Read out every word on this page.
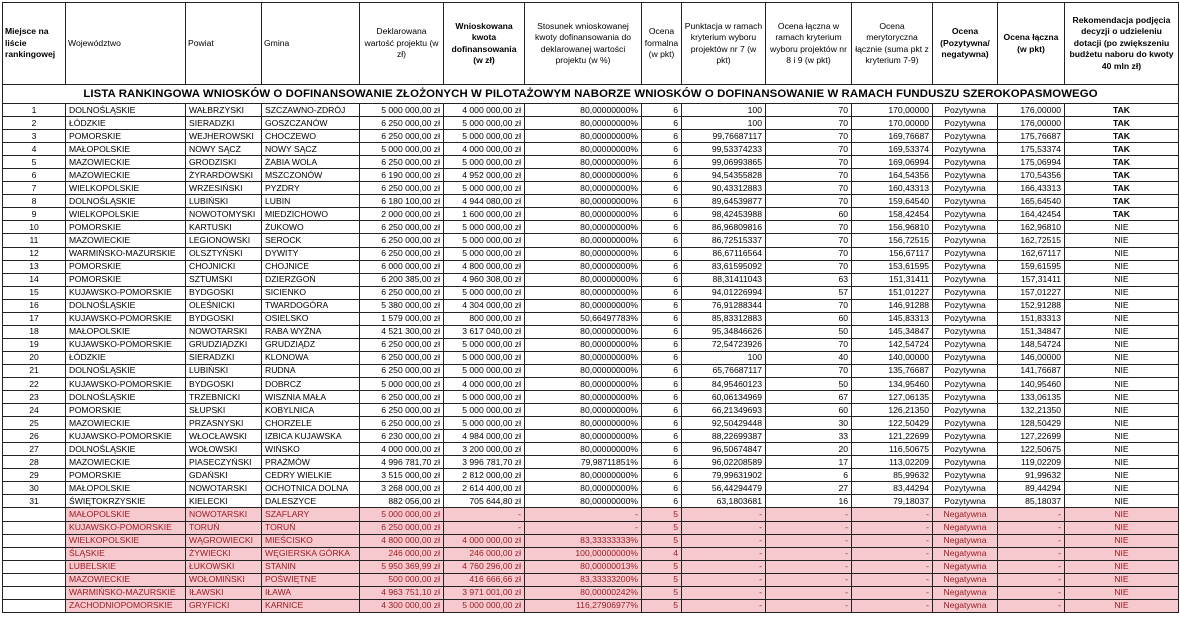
LISTA RANKINGOWA WNIOSKÓW O DOFINANSOWANIE ZŁOŻONYCH W PILOTAŻOWYM NABORZE WNIOSKÓW O DOFINANSOWANIE W RAMACH FUNDUSZU SZEROKOPASMOWEGO													
Miejsce na liście rankingowej	Województwo	Powiat	Gmina	Deklarowana wartość projektu (w zł)	Wnioskowana kwota dofinansowania (w zł)	Stosunek wnioskowanej kwoty dofinansowania do deklarowanej wartości projektu (w %)	Ocena formalna (w pkt)	Punktacja w ramach kryterium wyboru projektów nr 7 (w pkt)	Ocena łączna w ramach kryterium wyboru projektów nr 8 i 9 (w pkt)	Ocena merytoryczna łącznie (suma pkt z kryterium 7-9)	Ocena (Pozytywna/ negatywna)	Ocena łączna (w pkt)	Rekomendacja podjęcia decyzji o udzieleniu dotacji (po zwiększeniu budżetu naboru do kwoty 40 mln zł)
1	DOLNOŚLĄSKIE	WAŁBRZYSKI	SZCZAWNO-ZDRÓJ	5 000 000,00 zł	4 000 000,00 zł	80,00000000%	6	100	70	170,00000	Pozytywna	176,00000	TAK
2	ŁÓDZKIE	SIERADZKI	GOSZCZANÓW	6 250 000,00 zł	5 000 000,00 zł	80,00000000%	6	100	70	170,00000	Pozytywna	176,00000	TAK
3	POMORSKIE	WEJHEROWSKI	CHOCZEWO	6 250 000,00 zł	5 000 000,00 zł	80,00000000%	6	99,76687117	70	169,76687	Pozytywna	175,76687	TAK
4	MAŁOPOLSKIE	NOWY SĄCZ	NOWY SĄCZ	5 000 000,00 zł	4 000 000,00 zł	80,00000000%	6	99,53374233	70	169,53374	Pozytywna	175,53374	TAK
5	MAZOWIECKIE	GRODZISKI	ŻABIA WOLA	6 250 000,00 zł	5 000 000,00 zł	80,00000000%	6	99,06993865	70	169,06994	Pozytywna	175,06994	TAK
6	MAZOWIECKIE	ŻYRARDOWSKI	MSZCZONÓW	6 190 000,00 zł	4 952 000,00 zł	80,00000000%	6	94,54355828	70	164,54356	Pozytywna	170,54356	TAK
7	WIELKOPOLSKIE	WRZESIŃSKI	PYZDRY	6 250 000,00 zł	5 000 000,00 zł	80,00000000%	6	90,43312883	70	160,43313	Pozytywna	166,43313	TAK
8	DOLNOŚLĄSKIE	LUBIŃSKI	LUBIN	6 180 100,00 zł	4 944 080,00 zł	80,00000000%	6	89,64539877	70	159,64540	Pozytywna	165,64540	TAK
9	WIELKOPOLSKIE	NOWOTOMYSKI	MIEDZICHOWO	2 000 000,00 zł	1 600 000,00 zł	80,00000000%	6	98,42453988	60	158,42454	Pozytywna	164,42454	TAK
10	POMORSKIE	KARTUSKI	ŻUKOWO	6 250 000,00 zł	5 000 000,00 zł	80,00000000%	6	86,96809816	70	156,96810	Pozytywna	162,96810	NIE
11	MAZOWIECKIE	LEGIONOWSKI	SEROCK	6 250 000,00 zł	5 000 000,00 zł	80,00000000%	6	86,72515337	70	156,72515	Pozytywna	162,72515	NIE
12	WARMIŃSKO-MAZURSKIE	OLSZTYŃSKI	DYWITY	6 250 000,00 zł	5 000 000,00 zł	80,00000000%	6	86,67116564	70	156,67117	Pozytywna	162,67117	NIE
13	POMORSKIE	CHOJNICKI	CHOJNICE	6 000 000,00 zł	4 800 000,00 zł	80,00000000%	6	83,61595092	70	153,61595	Pozytywna	159,61595	NIE
14	POMORSKIE	SZTUMSKI	DZIERZGOŃ	6 200 385,00 zł	4 960 308,00 zł	80,00000000%	6	88,31411043	63	151,31411	Pozytywna	157,31411	NIE
15	KUJAWSKO-POMORSKIE	BYDGOSKI	SICIENKO	6 250 000,00 zł	5 000 000,00 zł	80,00000000%	6	94,01226994	57	151,01227	Pozytywna	157,01227	NIE
16	DOLNOŚLĄSKIE	OLEŚNICKI	TWARDOGÓRA	5 380 000,00 zł	4 304 000,00 zł	80,00000000%	6	76,91288344	70	146,91288	Pozytywna	152,91288	NIE
17	KUJAWSKO-POMORSKIE	BYDGOSKI	OSIELSKO	1 579 000,00 zł	800 000,00 zł	50,66497783%	6	85,83312883	60	145,83313	Pozytywna	151,83313	NIE
18	MAŁOPOLSKIE	NOWOTARSKI	RABA WYŻNA	4 521 300,00 zł	3 617 040,00 zł	80,00000000%	6	95,34846626	50	145,34847	Pozytywna	151,34847	NIE
19	KUJAWSKO-POMORSKIE	GRUDZIĄDZKI	GRUDZIĄDZ	6 250 000,00 zł	5 000 000,00 zł	80,00000000%	6	72,54723926	70	142,54724	Pozytywna	148,54724	NIE
20	ŁÓDZKIE	SIERADZKI	KLONOWA	6 250 000,00 zł	5 000 000,00 zł	80,00000000%	6	100	40	140,00000	Pozytywna	146,00000	NIE
21	DOLNOŚLĄSKIE	LUBIŃSKI	RUDNA	6 250 000,00 zł	5 000 000,00 zł	80,00000000%	6	65,76687117	70	135,76687	Pozytywna	141,76687	NIE
22	KUJAWSKO-POMORSKIE	BYDGOSKI	DOBRCZ	5 000 000,00 zł	4 000 000,00 zł	80,00000000%	6	84,95460123	50	134,95460	Pozytywna	140,95460	NIE
23	DOLNOŚLĄSKIE	TRZEBNICKI	WISZNIA MAŁA	6 250 000,00 zł	5 000 000,00 zł	80,00000000%	6	60,06134969	67	127,06135	Pozytywna	133,06135	NIE
24	POMORSKIE	SŁUPSKI	KOBYLNICA	6 250 000,00 zł	5 000 000,00 zł	80,00000000%	6	66,21349693	60	126,21350	Pozytywna	132,21350	NIE
25	MAZOWIECKIE	PRZASNYSKI	CHORZELE	6 250 000,00 zł	5 000 000,00 zł	80,00000000%	6	92,50429448	30	122,50429	Pozytywna	128,50429	NIE
26	KUJAWSKO-POMORSKIE	WŁOCŁAWSKI	IZBICA KUJAWSKA	6 230 000,00 zł	4 984 000,00 zł	80,00000000%	6	88,22699387	33	121,22699	Pozytywna	127,22699	NIE
27	DOLNOŚLĄSKIE	WOŁOWSKI	WIŃSKO	4 000 000,00 zł	3 200 000,00 zł	80,00000000%	6	96,50674847	20	116,50675	Pozytywna	122,50675	NIE
28	MAZOWIECKIE	PIASECZYŃSKI	PRAŻMÓW	4 996 781,70 zł	3 996 781,70 zł	79,98711851%	6	96,02208589	17	113,02209	Pozytywna	119,02209	NIE
29	POMORSKIE	GDAŃSKI	CEDRY WIELKIE	3 515 000,00 zł	2 812 000,00 zł	80,00000000%	6	79,99631902	6	85,99632	Pozytywna	91,99632	NIE
30	MAŁOPOLSKIE	NOWOTARSKI	OCHOTNICA DOLNA	3 268 000,00 zł	2 614 400,00 zł	80,00000000%	6	56,44294479	27	83,44294	Pozytywna	89,44294	NIE
31	ŚWIĘTOKRZYSKIE	KIELECKI	DALESZYCE	882 056,00 zł	705 644,80 zł	80,00000000%	6	63,1803681	16	79,18037	Pozytywna	85,18037	NIE
	MAŁOPOLSKIE	NOWOTARSKI	SZAFLARY	5 000 000,00 zł	-	-	5	-	-	-	Negatywna	-	NIE
	KUJAWSKO-POMORSKIE	TORUŃ	TORUŃ	6 250 000,00 zł	-	-	5	-	-	-	Negatywna	-	NIE
	WIELKOPOLSKIE	WĄGROWIECKI	MIEŚCISKO	4 800 000,00 zł	4 000 000,00 zł	83,33333333%	5	-	-	-	Negatywna	-	NIE
	ŚLĄSKIE	ŻYWIECKI	WĘGIERSKA GÓRKA	246 000,00 zł	246 000,00 zł	100,00000000%	4	-	-	-	Negatywna	-	NIE
	LUBELSKIE	ŁUKOWSKI	STANIN	5 950 369,99 zł	4 760 296,00 zł	80,00000013%	5	-	-	-	Negatywna	-	NIE
	MAZOWIECKIE	WOŁOMIŃSKI	POŚWIĘTNE	500 000,00 zł	416 666,66 zł	83,33333200%	5	-	-	-	Negatywna	-	NIE
	WARMIŃSKO-MAZURSKIE	IŁAWSKI	IŁAWA	4 963 751,10 zł	3 971 001,00 zł	80,00000242%	5	-	-	-	Negatywna	-	NIE
	ZACHODNIOPOMORSKIE	GRYFICKI	KARNICE	4 300 000,00 zł	5 000 000,00 zł	116,27906977%	5	-	-	-	Negatywna	-	NIE
